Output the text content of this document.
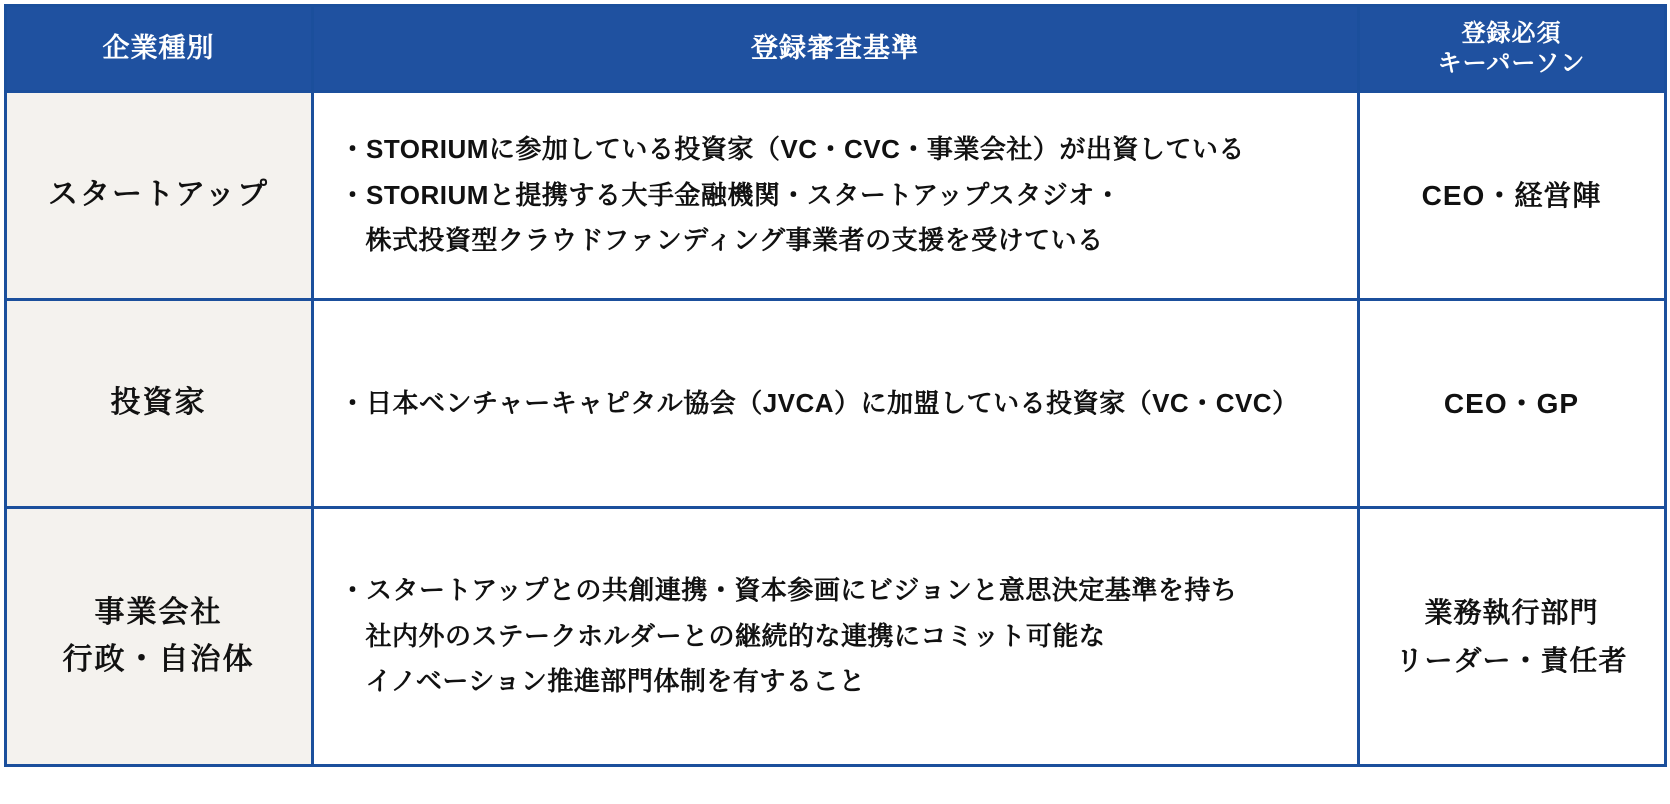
企業種別	登録審査基準	登録必須
キーパーソン

スタートアップ	・STORIUMに参加している投資家（VC・CVC・事業会社）が出資している
・STORIUMと提携する大手金融機関・スタートアップスタジオ・
株式投資型クラウドファンディング事業者の支援を受けている	CEO・経営陣

投資家	・日本ベンチャーキャピタル協会（JVCA）に加盟している投資家（VC・CVC）	CEO・GP

事業会社
行政・自治体	・スタートアップとの共創連携・資本参画にビジョンと意思決定基準を持ち
社内外のステークホルダーとの継続的な連携にコミット可能な
イノベーション推進部門体制を有すること	業務執行部門
リーダー・責任者
